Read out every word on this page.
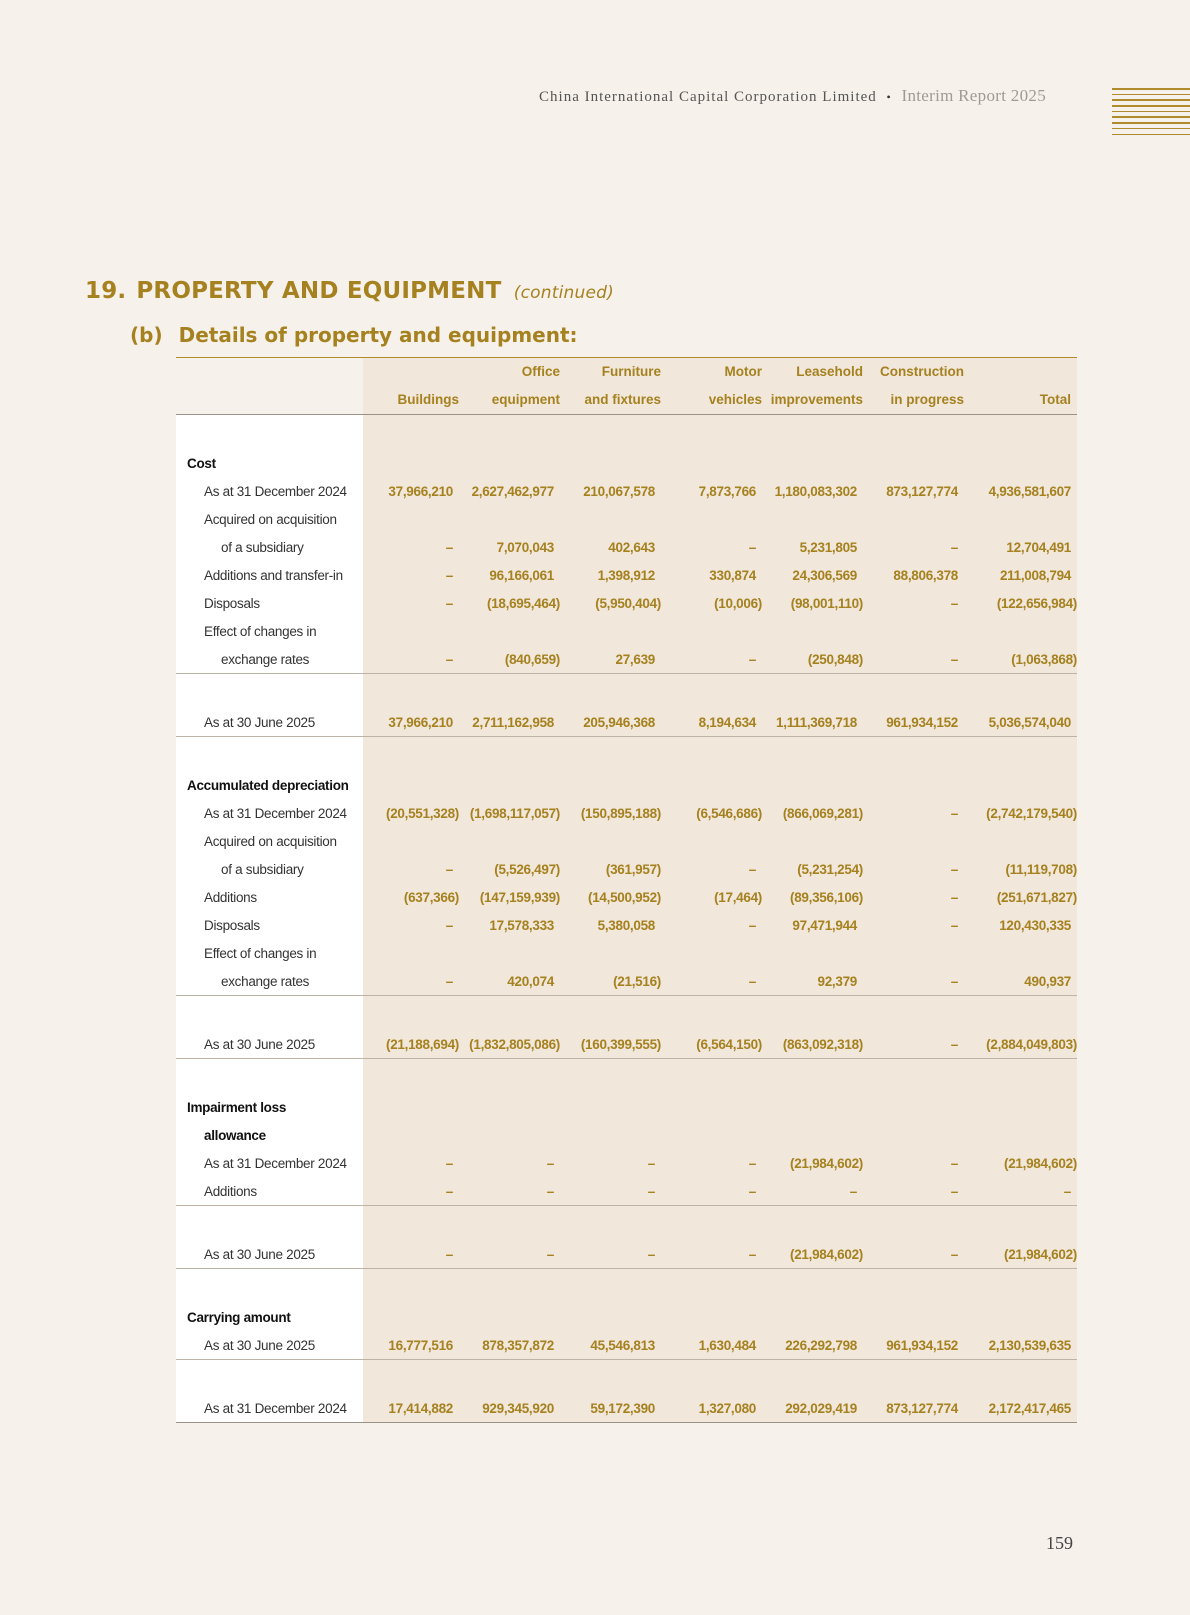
China International Capital Corporation Limited • Interim Report 2025
19. PROPERTY AND EQUIPMENT (continued)
(b) Details of property and equipment:
		Office	Furniture	Motor	Leasehold	Construction	
	Buildings	equipment	and fixtures	vehicles	improvements	in progress	Total

Cost							
As at 31 December 2024	37,966,210	2,627,462,977	210,067,578	7,873,766	1,180,083,302	873,127,774	4,936,581,607
Acquired on acquisition							
of a subsidiary	–	7,070,043	402,643	–	5,231,805	–	12,704,491
Additions and transfer-in	–	96,166,061	1,398,912	330,874	24,306,569	88,806,378	211,008,794
Disposals	–	(18,695,464)	(5,950,404)	(10,006)	(98,001,110)	–	(122,656,984)
Effect of changes in							
exchange rates	–	(840,659)	27,639	–	(250,848)	–	(1,063,868)

As at 30 June 2025	37,966,210	2,711,162,958	205,946,368	8,194,634	1,111,369,718	961,934,152	5,036,574,040

Accumulated depreciation							
As at 31 December 2024	(20,551,328)	(1,698,117,057)	(150,895,188)	(6,546,686)	(866,069,281)	–	(2,742,179,540)
Acquired on acquisition							
of a subsidiary	–	(5,526,497)	(361,957)	–	(5,231,254)	–	(11,119,708)
Additions	(637,366)	(147,159,939)	(14,500,952)	(17,464)	(89,356,106)	–	(251,671,827)
Disposals	–	17,578,333	5,380,058	–	97,471,944	–	120,430,335
Effect of changes in							
exchange rates	–	420,074	(21,516)	–	92,379	–	490,937

As at 30 June 2025	(21,188,694)	(1,832,805,086)	(160,399,555)	(6,564,150)	(863,092,318)	–	(2,884,049,803)

Impairment loss							
allowance							
As at 31 December 2024	–	–	–	–	(21,984,602)	–	(21,984,602)
Additions	–	–	–	–	–	–	–

As at 30 June 2025	–	–	–	–	(21,984,602)	–	(21,984,602)

Carrying amount							
As at 30 June 2025	16,777,516	878,357,872	45,546,813	1,630,484	226,292,798	961,934,152	2,130,539,635

As at 31 December 2024	17,414,882	929,345,920	59,172,390	1,327,080	292,029,419	873,127,774	2,172,417,465
159
